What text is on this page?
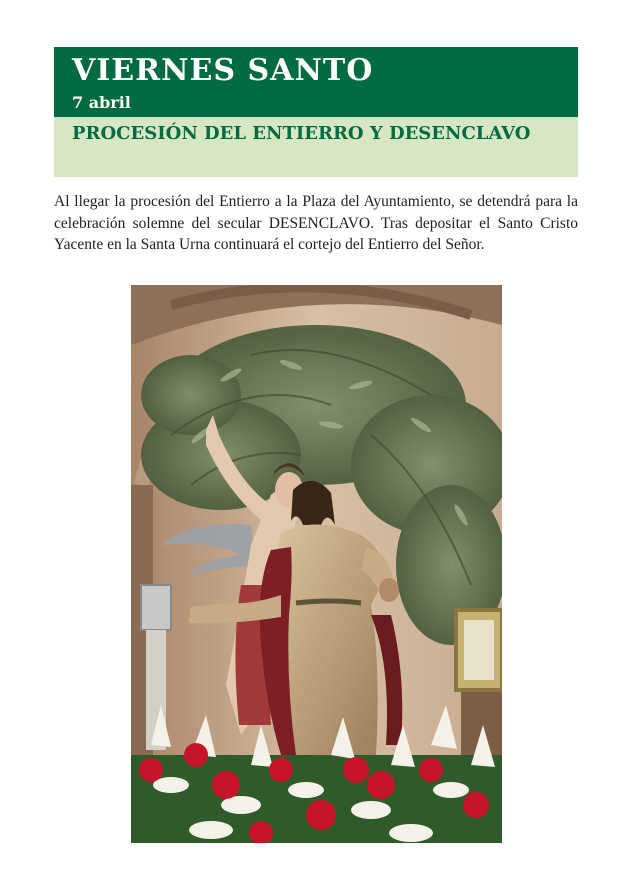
VIERNES SANTO
7 abril
PROCESIÓN DEL ENTIERRO Y DESENCLAVO

Al llegar la procesión del Entierro a la Plaza del Ayuntamiento, se detendrá para la celebración solemne del secular DESENCLAVO. Tras depositar el Santo Cristo Yacente en la Santa Urna continuará el cortejo del Entierro del Señor.
